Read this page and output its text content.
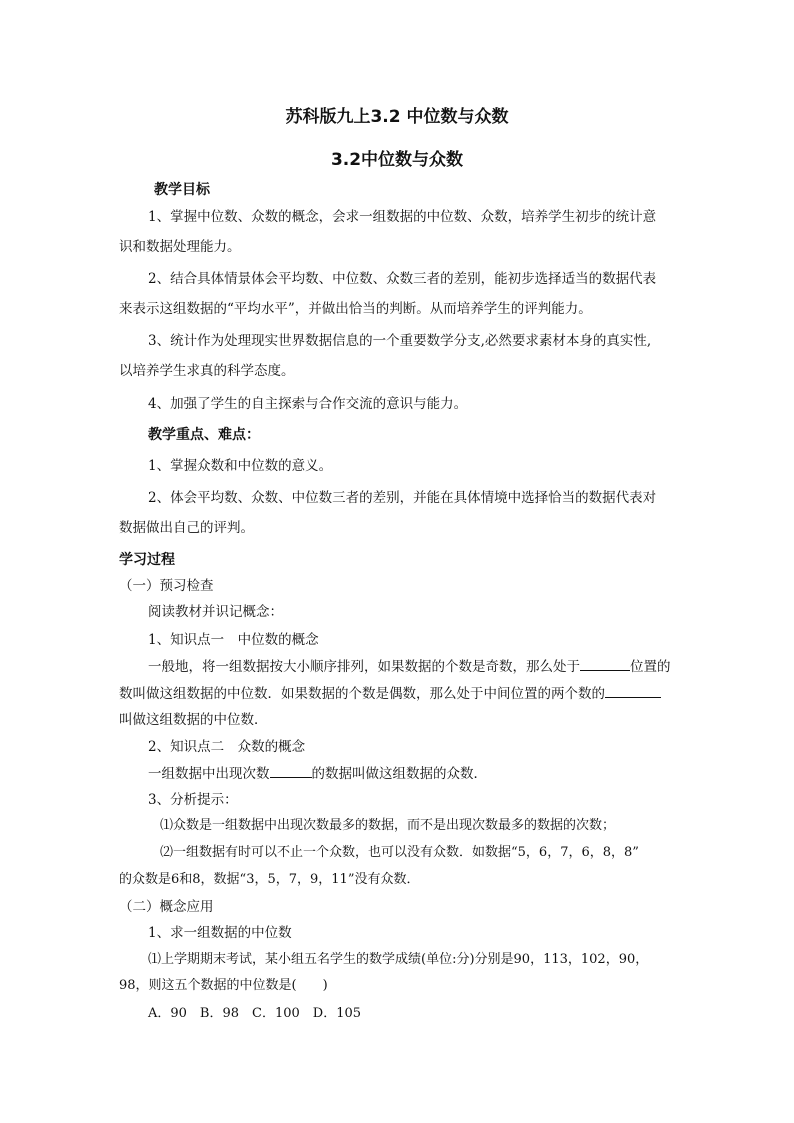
苏科版九上3.2 中位数与众数
3.2中位数与众数
教学目标
1、掌握中位数、众数的概念，会求一组数据的中位数、众数，培养学生初步的统计意
识和数据处理能力。
2、结合具体情景体会平均数、中位数、众数三者的差别，能初步选择适当的数据代表
来表示这组数据的“平均水平”，并做出恰当的判断。从而培养学生的评判能力。
3、统计作为处理现实世界数据信息的一个重要数学分支,必然要求素材本身的真实性,
以培养学生求真的科学态度。
4、加强了学生的自主探索与合作交流的意识与能力。
教学重点、难点：
1、掌握众数和中位数的意义。
2、体会平均数、众数、中位数三者的差别，并能在具体情境中选择恰当的数据代表对
数据做出自己的评判。
学习过程
（一）预习检查
阅读教材并识记概念：
1、知识点一　中位数的概念
一般地，将一组数据按大小顺序排列，如果数据的个数是奇数，那么处于	位置的
数叫做这组数据的中位数．如果数据的个数是偶数，那么处于中间位置的两个数的
叫做这组数据的中位数．
2、知识点二　众数的概念
一组数据中出现次数	的数据叫做这组数据的众数．
3、分析提示：
⑴众数是一组数据中出现次数最多的数据，而不是出现次数最多的数据的次数；
⑵一组数据有时可以不止一个众数，也可以没有众数．如数据“5，6，7，6，8，8”
的众数是6和8，数据“3，5，7，9，11”没有众数．
（二）概念应用
1、求一组数据的中位数
⑴上学期期末考试，某小组五名学生的数学成绩(单位:分)分别是90，113，102，90，
98，则这五个数据的中位数是(　　)
A．90　B．98　C．100　D．105
